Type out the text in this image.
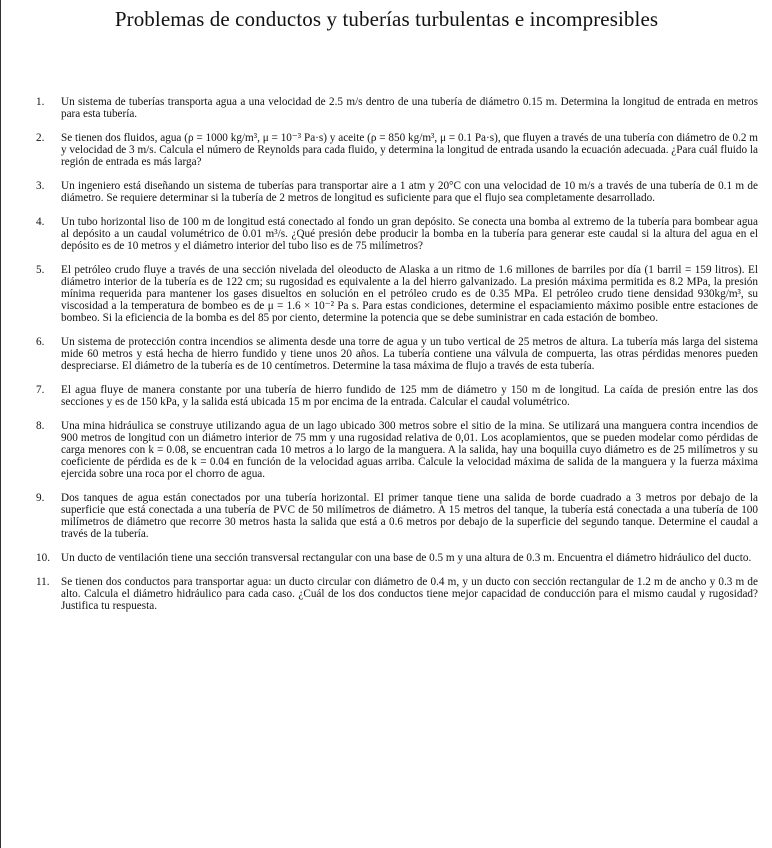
Problemas de conductos y tuberías turbulentas e incompresibles
1.	Un sistema de tuberías transporta agua a una velocidad de 2.5 m/s dentro de una tubería de diámetro 0.15 m. Determina la longitud de entrada en metros para esta tubería.
2.	Se tienen dos fluidos, agua (ρ = 1000 kg/m³, μ = 10⁻³ Pa·s) y aceite (ρ = 850 kg/m³, μ = 0.1 Pa·s), que fluyen a través de una tubería con diámetro de 0.2 m y velocidad de 3 m/s. Calcula el número de Reynolds para cada fluido, y determina la longitud de entrada usando la ecuación adecuada. ¿Para cuál fluido la región de entrada es más larga?
3.	Un ingeniero está diseñando un sistema de tuberías para transportar aire a 1 atm y 20°C con una velocidad de 10 m/s a través de una tubería de 0.1 m de diámetro. Se requiere determinar si la tubería de 2 metros de longitud es suficiente para que el flujo sea completamente desarrollado.
4.	Un tubo horizontal liso de 100 m de longitud está conectado al fondo un gran depósito. Se conecta una bomba al extremo de la tubería para bombear agua al depósito a un caudal volumétrico de 0.01 m³/s. ¿Qué presión debe producir la bomba en la tubería para generar este caudal si la altura del agua en el depósito es de 10 metros y el diámetro interior del tubo liso es de 75 milímetros?
5.	El petróleo crudo fluye a través de una sección nivelada del oleoducto de Alaska a un ritmo de 1.6 millones de barriles por día (1 barril = 159 litros). El diámetro interior de la tubería es de 122 cm; su rugosidad es equivalente a la del hierro galvanizado. La presión máxima permitida es 8.2 MPa, la presión mínima requerida para mantener los gases disueltos en solución en el petróleo crudo es de 0.35 MPa. El petróleo crudo tiene densidad 930kg/m³, su viscosidad a la temperatura de bombeo es de μ = 1.6 × 10⁻² Pa s. Para estas condiciones, determine el espaciamiento máximo posible entre estaciones de bombeo. Si la eficiencia de la bomba es del 85 por ciento, determine la potencia que se debe suministrar en cada estación de bombeo.
6.	Un sistema de protección contra incendios se alimenta desde una torre de agua y un tubo vertical de 25 metros de altura. La tubería más larga del sistema mide 60 metros y está hecha de hierro fundido y tiene unos 20 años. La tubería contiene una válvula de compuerta, las otras pérdidas menores pueden despreciarse. El diámetro de la tubería es de 10 centímetros. Determine la tasa máxima de flujo a través de esta tubería.
7.	El agua fluye de manera constante por una tubería de hierro fundido de 125 mm de diámetro y 150 m de longitud. La caída de presión entre las dos secciones y es de 150 kPa, y la salida está ubicada 15 m por encima de la entrada. Calcular el caudal volumétrico.
8.	Una mina hidráulica se construye utilizando agua de un lago ubicado 300 metros sobre el sitio de la mina. Se utilizará una manguera contra incendios de 900 metros de longitud con un diámetro interior de 75 mm y una rugosidad relativa de 0,01. Los acoplamientos, que se pueden modelar como pérdidas de carga menores con k = 0.08, se encuentran cada 10 metros a lo largo de la manguera. A la salida, hay una boquilla cuyo diámetro es de 25 milímetros y su coeficiente de pérdida es de k = 0.04 en función de la velocidad aguas arriba. Calcule la velocidad máxima de salida de la manguera y la fuerza máxima ejercida sobre una roca por el chorro de agua.
9.	Dos tanques de agua están conectados por una tubería horizontal. El primer tanque tiene una salida de borde cuadrado a 3 metros por debajo de la superficie que está conectada a una tubería de PVC de 50 milímetros de diámetro. A 15 metros del tanque, la tubería está conectada a una tubería de 100 milímetros de diámetro que recorre 30 metros hasta la salida que está a 0.6 metros por debajo de la superficie del segundo tanque. Determine el caudal a través de la tubería.
10. Un ducto de ventilación tiene una sección transversal rectangular con una base de 0.5 m y una altura de 0.3 m. Encuentra el diámetro hidráulico del ducto.
11.	Se tienen dos conductos para transportar agua: un ducto circular con diámetro de 0.4 m, y un ducto con sección rectangular de 1.2 m de ancho y 0.3 m de alto. Calcula el diámetro hidráulico para cada caso. ¿Cuál de los dos conductos tiene mejor capacidad de conducción para el mismo caudal y rugosidad? Justifica tu respuesta.
